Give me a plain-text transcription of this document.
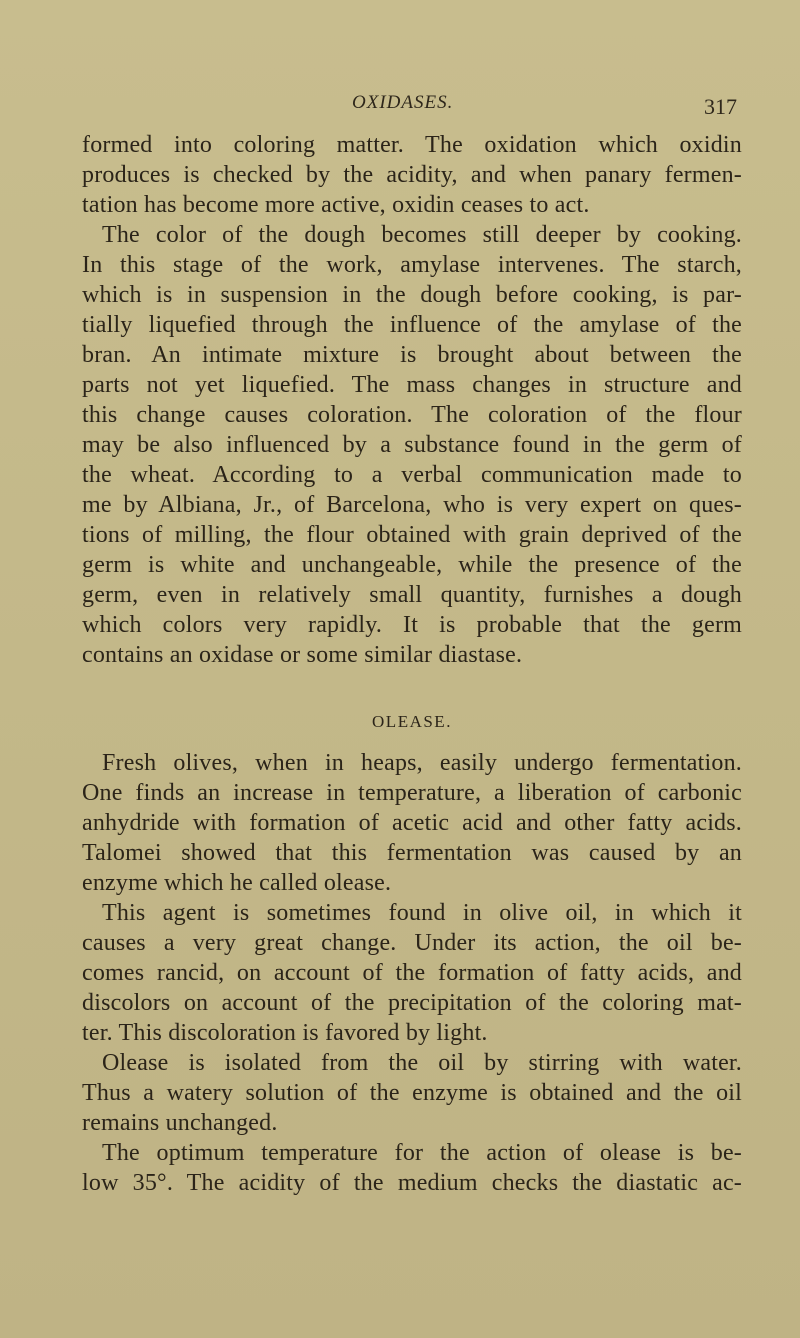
OXIDASES.	317
formed into coloring matter. The oxidation which oxidin
produces is checked by the acidity, and when panary fermen-
tation has become more active, oxidin ceases to act.
The color of the dough becomes still deeper by cooking.
In this stage of the work, amylase intervenes. The starch,
which is in suspension in the dough before cooking, is par-
tially liquefied through the influence of the amylase of the
bran. An intimate mixture is brought about between the
parts not yet liquefied. The mass changes in structure and
this change causes coloration. The coloration of the flour
may be also influenced by a substance found in the germ of
the wheat. According to a verbal communication made to
me by Albiana, Jr., of Barcelona, who is very expert on ques-
tions of milling, the flour obtained with grain deprived of the
germ is white and unchangeable, while the presence of the
germ, even in relatively small quantity, furnishes a dough
which colors very rapidly. It is probable that the germ
contains an oxidase or some similar diastase.
OLEASE.
Fresh olives, when in heaps, easily undergo fermentation.
One finds an increase in temperature, a liberation of carbonic
anhydride with formation of acetic acid and other fatty acids.
Talomei showed that this fermentation was caused by an
enzyme which he called olease.
This agent is sometimes found in olive oil, in which it
causes a very great change. Under its action, the oil be-
comes rancid, on account of the formation of fatty acids, and
discolors on account of the precipitation of the coloring mat-
ter. This discoloration is favored by light.
Olease is isolated from the oil by stirring with water.
Thus a watery solution of the enzyme is obtained and the oil
remains unchanged.
The optimum temperature for the action of olease is be-
low 35°. The acidity of the medium checks the diastatic ac-
